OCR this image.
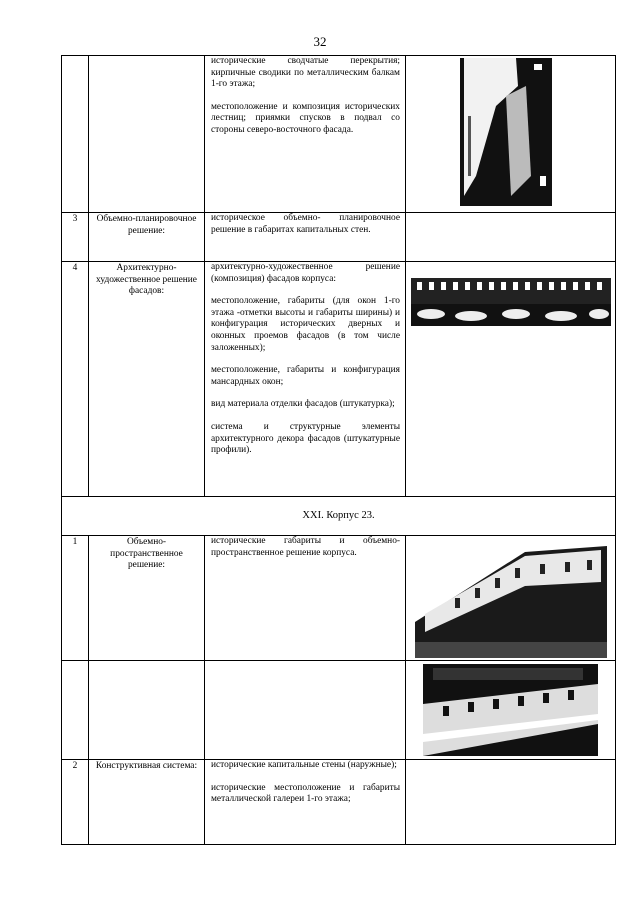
32

		исторические сводчатые перекрытия; кирпичные сводики по металлическим балкам 1-го этажа;

местоположение и композиция исторических лестниц; приямки спусков в подвал со стороны северо-восточного фасада.

3	Объемно-планировочное решение:	историческое объемно- планировочное решение в габаритах капитальных стен.	

4	Архитектурно-художественное решение фасадов:	архитектурно-художественное решение (композиция) фасадов корпуса:

местоположение, габариты (для окон 1-го этажа -отметки высоты и габариты ширины) и конфигурация исторических дверных и оконных проемов фасадов (в том числе заложенных);

местоположение, габариты и конфигурация мансардных окон;

вид материала отделки фасадов (штукатурка);

система и структурные элементы архитектурного декора фасадов (штукатурные профили).

XXI. Корпус 23.			

1	Объемно-пространственное решение:	исторические габариты и объемно-пространственное решение корпуса.

2	Конструктивная система:	исторические капитальные стены (наружные);

исторические местоположение и габариты металлической галереи 1-го этажа;	
